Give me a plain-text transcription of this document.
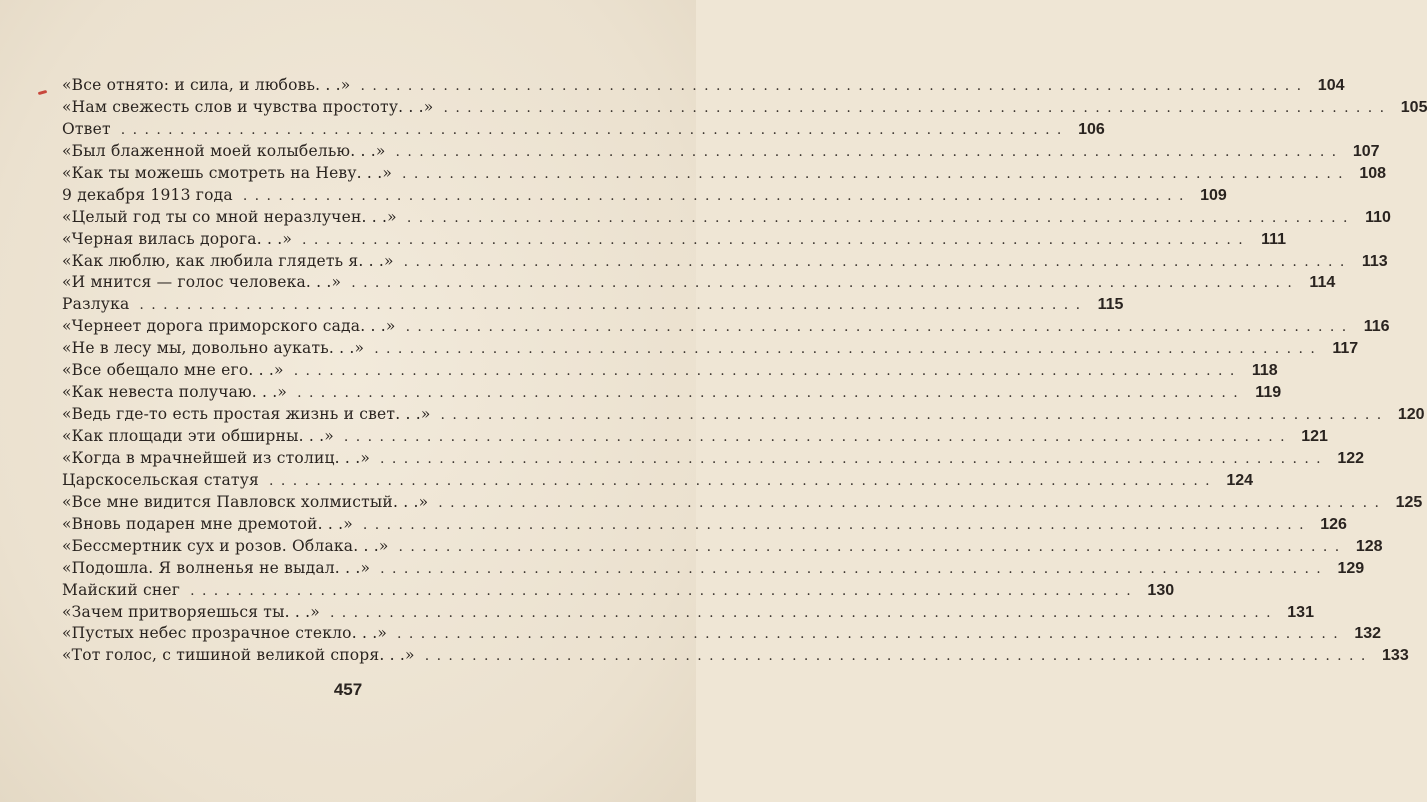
«Все отнято: и сила, и любовь. . .» ................................................................................ 104
«Нам свежесть слов и чувства простоту. . .» ................................................................................ 105
Ответ ................................................................................ 106
«Был блаженной моей колыбелью. . .» ................................................................................ 107
«Как ты можешь смотреть на Неву. . .» ................................................................................ 108
9 декабря 1913 года ................................................................................ 109
«Целый год ты со мной неразлучен. . .» ................................................................................ 110
«Черная вилась дорога. . .» ................................................................................ 111
«Как люблю, как любила глядеть я. . .» ................................................................................ 113
«И мнится — голос человека. . .» ................................................................................ 114
Разлука ................................................................................ 115
«Чернеет дорога приморского сада. . .» ................................................................................ 116
«Не в лесу мы, довольно аукать. . .» ................................................................................ 117
«Все обещало мне его. . .» ................................................................................ 118
«Как невеста получаю. . .» ................................................................................ 119
«Ведь где-то есть простая жизнь и свет. . .» ................................................................................ 120
«Как площади эти обширны. . .» ................................................................................ 121
«Когда в мрачнейшей из столиц. . .» ................................................................................ 122
Царскосельская статуя ................................................................................ 124
«Все мне видится Павловск холмистый. . .» ................................................................................ 125
«Вновь подарен мне дремотой. . .» ................................................................................ 126
«Бессмертник сух и розов. Облака. . .» ................................................................................ 128
«Подошла. Я волненья не выдал. . .» ................................................................................ 129
Майский снег ................................................................................ 130
«Зачем притворяешься ты. . .» ................................................................................ 131
«Пустых небес прозрачное стекло. . .» ................................................................................ 132
«Тот голос, с тишиной великой споря. . .» ................................................................................ 133
457
